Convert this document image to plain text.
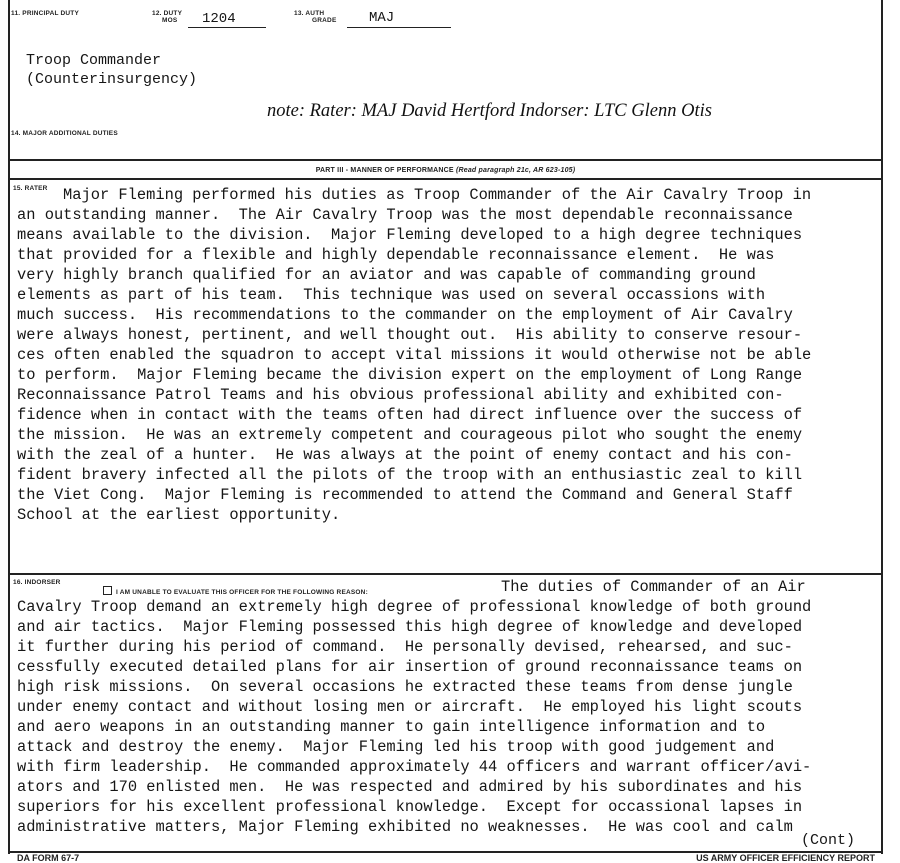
11. PRINCIPAL DUTY	12. DUTY
MOS	1204	13. AUTH
GRADE MAJ
Troop Commander
(Counterinsurgency)
note: Rater: MAJ David Hertford Indorser: LTC Glenn Otis
14. MAJOR ADDITIONAL DUTIES
PART III - MANNER OF PERFORMANCE (Read paragraph 21c, AR 623-105)
15. RATER	Major Fleming performed his duties as Troop Commander of the Air Cavalry Troop in
an outstanding manner.  The Air Cavalry Troop was the most dependable reconnaissance
means available to the division.  Major Fleming developed to a high degree techniques
that provided for a flexible and highly dependable reconnaissance element.  He was
very highly branch qualified for an aviator and was capable of commanding ground
elements as part of his team.  This technique was used on several occassions with
much success.  His recommendations to the commander on the employment of Air Cavalry
were always honest, pertinent, and well thought out.  His ability to conserve resour-
ces often enabled the squadron to accept vital missions it would otherwise not be able
to perform.  Major Fleming became the division expert on the employment of Long Range
Reconnaissance Patrol Teams and his obvious professional ability and exhibited con-
fidence when in contact with the teams often had direct influence over the success of
the mission.  He was an extremely competent and courageous pilot who sought the enemy
with the zeal of a hunter.  He was always at the point of enemy contact and his con-
fident bravery infected all the pilots of the troop with an enthusiastic zeal to kill
the Viet Cong.  Major Fleming is recommended to attend the Command and General Staff
School at the earliest opportunity.
16. INDORSER
I AM UNABLE TO EVALUATE THIS OFFICER FOR THE FOLLOWING REASON:	The duties of Commander of an Air
Cavalry Troop demand an extremely high degree of professional knowledge of both ground
and air tactics.  Major Fleming possessed this high degree of knowledge and developed
it further during his period of command.  He personally devised, rehearsed, and suc-
cessfully executed detailed plans for air insertion of ground reconnaissance teams on
high risk missions.  On several occasions he extracted these teams from dense jungle
under enemy contact and without losing men or aircraft.  He employed his light scouts
and aero weapons in an outstanding manner to gain intelligence information and to
attack and destroy the enemy.  Major Fleming led his troop with good judgement and
with firm leadership.  He commanded approximately 44 officers and warrant officer/avi-
ators and 170 enlisted men.  He was respected and admired by his subordinates and his
superiors for his excellent professional knowledge.  Except for occassional lapses in
administrative matters, Major Fleming exhibited no weaknesses.  He was cool and calm
(Cont)
DA FORM 67-7	US ARMY OFFICER EFFICIENCY REPORT
